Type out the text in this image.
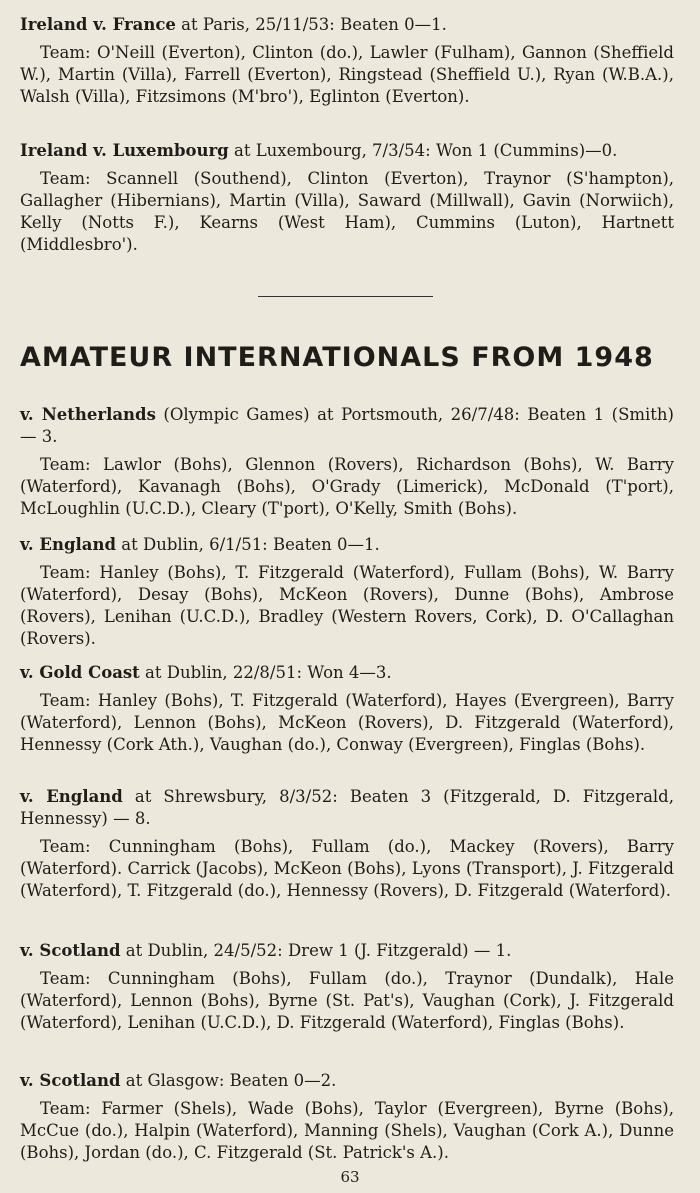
Ireland v. France at Paris, 25/11/53: Beaten 0—1.

Team: O'Neill (Everton), Clinton (do.), Lawler (Fulham), Gannon (Sheffield W.), Martin (Villa), Farrell (Everton), Ringstead (Sheffield U.), Ryan (W.B.A.), Walsh (Villa), Fitzsimons (M'bro'), Eglinton (Everton).

Ireland v. Luxembourg at Luxembourg, 7/3/54: Won 1 (Cummins)—0.

Team: Scannell (Southend), Clinton (Everton), Traynor (S'hampton), Gallagher (Hibernians), Martin (Villa), Saward (Millwall), Gavin (Norwiich), Kelly (Notts F.), Kearns (West Ham), Cummins (Luton), Hartnett (Middlesbro').

AMATEUR INTERNATIONALS FROM 1948

v. Netherlands (Olympic Games) at Portsmouth, 26/7/48: Beaten 1 (Smith) — 3.

Team: Lawlor (Bohs), Glennon (Rovers), Richardson (Bohs), W. Barry (Waterford), Kavanagh (Bohs), O'Grady (Limerick), McDonald (T'port), McLoughlin (U.C.D.), Cleary (T'port), O'Kelly, Smith (Bohs).

v. England at Dublin, 6/1/51: Beaten 0—1.

Team: Hanley (Bohs), T. Fitzgerald (Waterford), Fullam (Bohs), W. Barry (Waterford), Desay (Bohs), McKeon (Rovers), Dunne (Bohs), Ambrose (Rovers), Lenihan (U.C.D.), Bradley (Western Rovers, Cork), D. O'Callaghan (Rovers).

v. Gold Coast at Dublin, 22/8/51: Won 4—3.

Team: Hanley (Bohs), T. Fitzgerald (Waterford), Hayes (Evergreen), Barry (Waterford), Lennon (Bohs), McKeon (Rovers), D. Fitzgerald (Waterford), Hennessy (Cork Ath.), Vaughan (do.), Conway (Evergreen), Finglas (Bohs).

v. England at Shrewsbury, 8/3/52: Beaten 3 (Fitzgerald, D. Fitzgerald, Hennessy) — 8.

Team: Cunningham (Bohs), Fullam (do.), Mackey (Rovers), Barry (Waterford). Carrick (Jacobs), McKeon (Bohs), Lyons (Transport), J. Fitzgerald (Waterford), T. Fitzgerald (do.), Hennessy (Rovers), D. Fitzgerald (Waterford).

v. Scotland at Dublin, 24/5/52: Drew 1 (J. Fitzgerald) — 1.

Team: Cunningham (Bohs), Fullam (do.), Traynor (Dundalk), Hale (Waterford), Lennon (Bohs), Byrne (St. Pat's), Vaughan (Cork), J. Fitzgerald (Waterford), Lenihan (U.C.D.), D. Fitzgerald (Waterford), Finglas (Bohs).

v. Scotland at Glasgow: Beaten 0—2.

Team: Farmer (Shels), Wade (Bohs), Taylor (Evergreen), Byrne (Bohs), McCue (do.), Halpin (Waterford), Manning (Shels), Vaughan (Cork A.), Dunne (Bohs), Jordan (do.), C. Fitzgerald (St. Patrick's A.).

63
